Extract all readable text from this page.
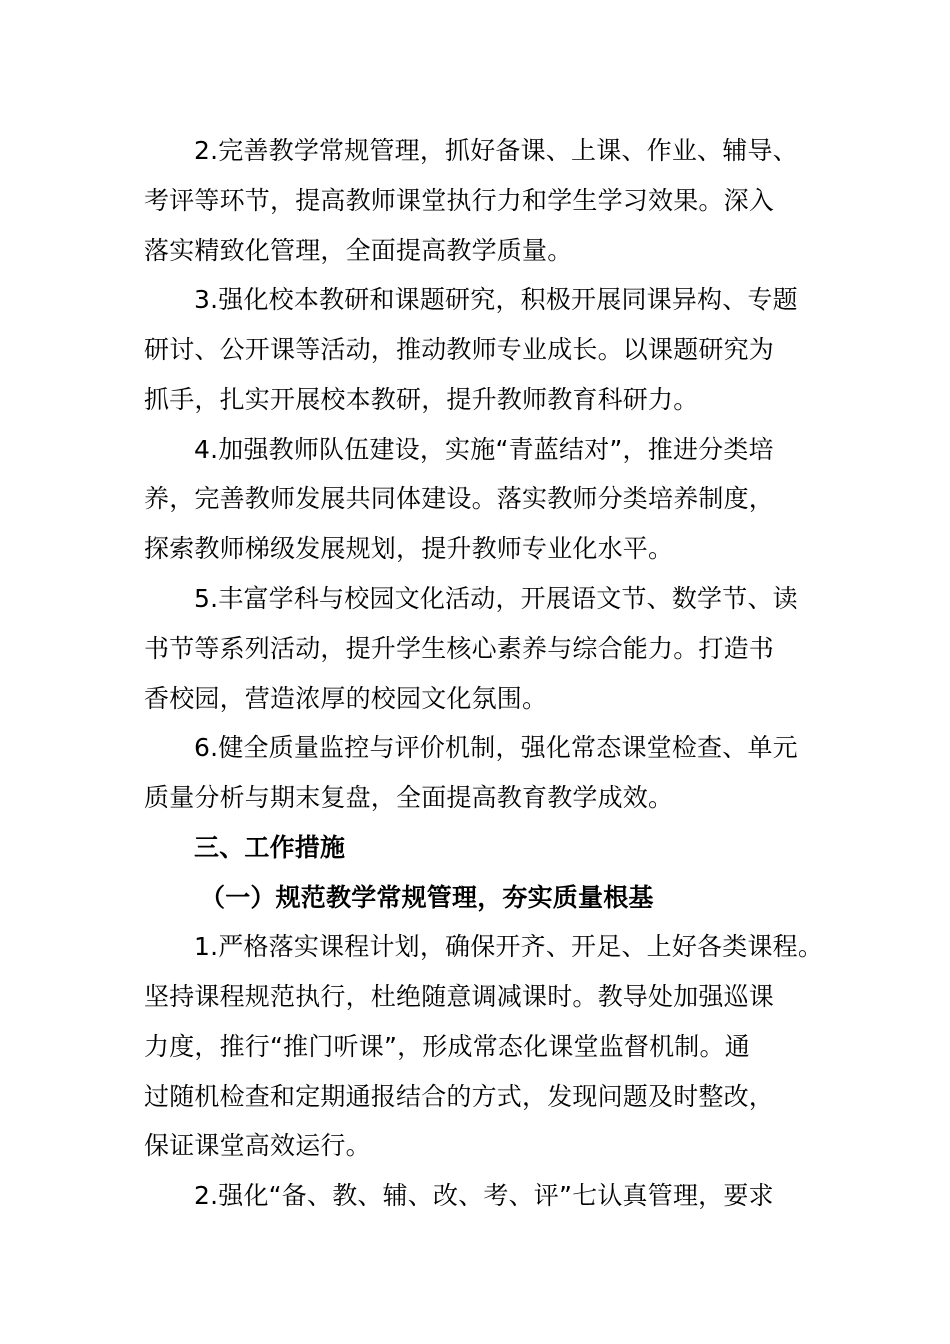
2.完善教学常规管理，抓好备课、上课、作业、辅导、
考评等环节，提高教师课堂执行力和学生学习效果。深入
落实精致化管理，全面提高教学质量。
3.强化校本教研和课题研究，积极开展同课异构、专题
研讨、公开课等活动，推动教师专业成长。以课题研究为
抓手，扎实开展校本教研，提升教师教育科研力。
4.加强教师队伍建设，实施“青蓝结对”，推进分类培
养，完善教师发展共同体建设。落实教师分类培养制度，
探索教师梯级发展规划，提升教师专业化水平。
5.丰富学科与校园文化活动，开展语文节、数学节、读
书节等系列活动，提升学生核心素养与综合能力。打造书
香校园，营造浓厚的校园文化氛围。
6.健全质量监控与评价机制，强化常态课堂检查、单元
质量分析与期末复盘，全面提高教育教学成效。
三、工作措施
（一）规范教学常规管理，夯实质量根基
1.严格落实课程计划，确保开齐、开足、上好各类课程。
坚持课程规范执行，杜绝随意调减课时。教导处加强巡课
力度，推行“推门听课”，形成常态化课堂监督机制。通
过随机检查和定期通报结合的方式，发现问题及时整改，
保证课堂高效运行。
2.强化“备、教、辅、改、考、评”七认真管理，要求
